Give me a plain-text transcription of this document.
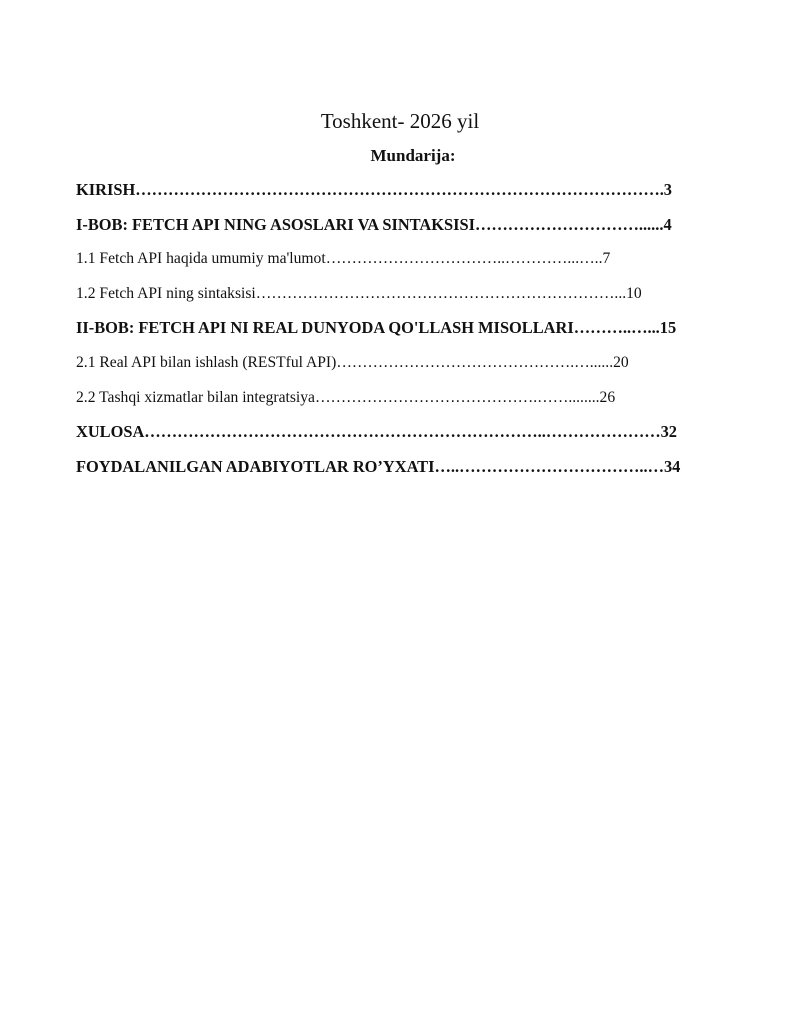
Toshkent- 2026 yil
Mundarija:
KIRISH…………………………………………………………………………………….3
I-BOB: FETCH API NING ASOSLARI VA SINTAKSISI…………………………......4
1.1 Fetch API haqida umumiy ma'lumot……………………………..…………...…..7
1.2 Fetch API ning sintaksisi……………………………………………………………...10
II-BOB: FETCH API NI REAL DUNYODA QO'LLASH MISOLLARI………..…...15
2.1 Real API bilan ishlash (RESTful API)……………………………………….…......20
2.2 Tashqi xizmatlar bilan integratsiya…………………………………….……........26
XULOSA………………………………………………………………..…………………32
FOYDALANILGAN ADABIYOTLAR RO’YXATI…..……………………………..…34
